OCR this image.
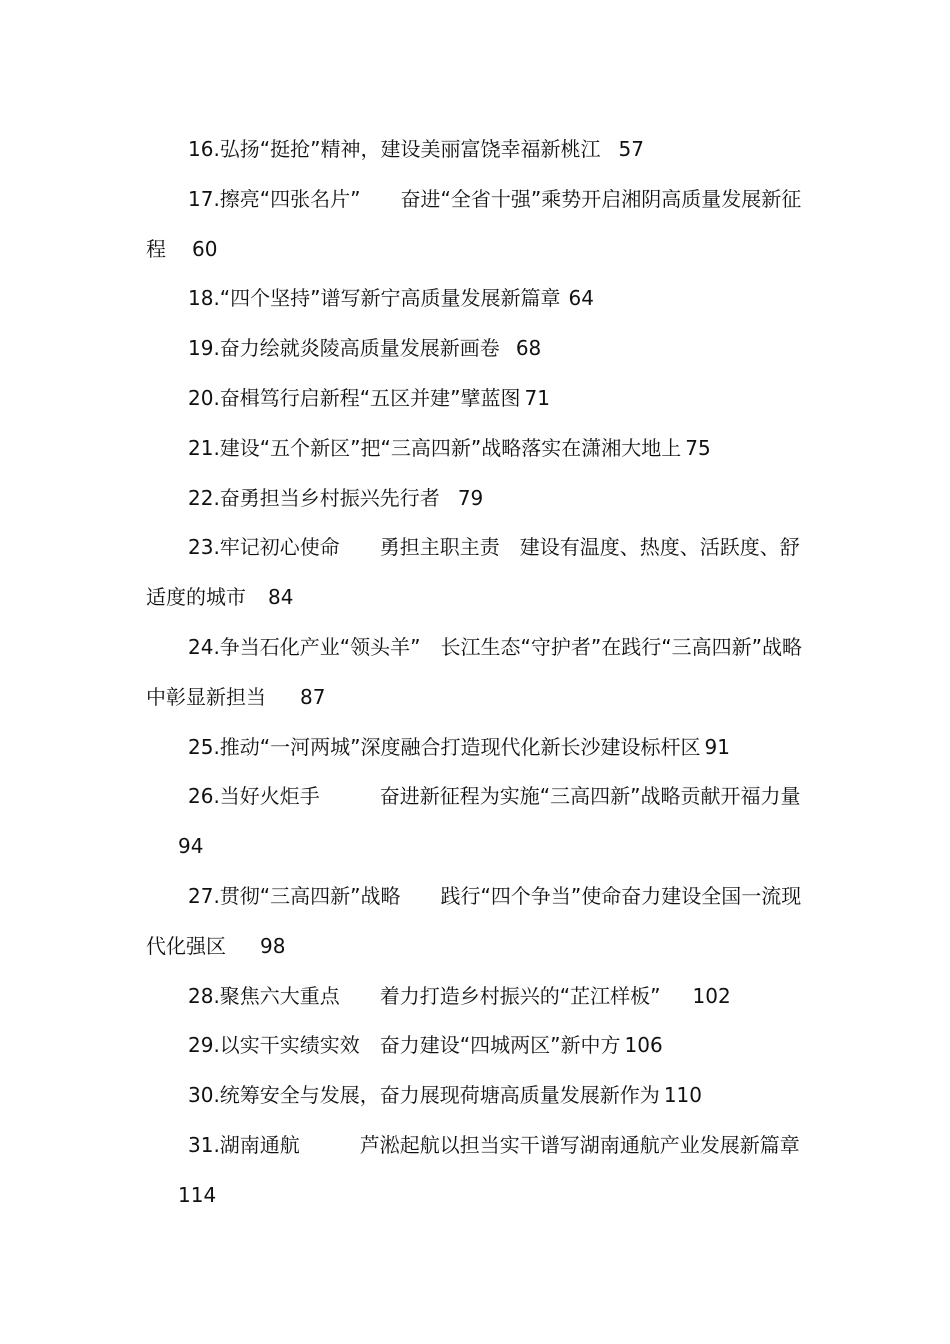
16.弘扬“挺抢”精神，建设美丽富饶幸福新桃江 57

17.擦亮“四张名片”　　奋进“全省十强”乘势开启湘阴高质量发展新征程 60

18.“四个坚持”谱写新宁高质量发展新篇章 64

19.奋力绘就炎陵高质量发展新画卷 68

20.奋楫笃行启新程“五区并建”擘蓝图 71

21.建设“五个新区”把“三高四新”战略落实在潇湘大地上 75

22.奋勇担当乡村振兴先行者 79

23.牢记初心使命　　勇担主职主责　建设有温度、热度、活跃度、舒适度的城市 84

24.争当石化产业“领头羊”　长江生态“守护者”在践行“三高四新”战略中彰显新担当 87

25.推动“一河两城”深度融合打造现代化新长沙建设标杆区 91

26.当好火炬手　　　奋进新征程为实施“三高四新”战略贡献开福力量94

27.贯彻“三高四新”战略　　践行“四个争当”使命奋力建设全国一流现代化强区 98

28.聚焦六大重点　　着力打造乡村振兴的“芷江样板” 102

29.以实干实绩实效　奋力建设“四城两区”新中方 106

30.统筹安全与发展，奋力展现荷塘高质量发展新作为 110

31.湖南通航　　　芦淞起航以担当实干谱写湖南通航产业发展新篇章114
